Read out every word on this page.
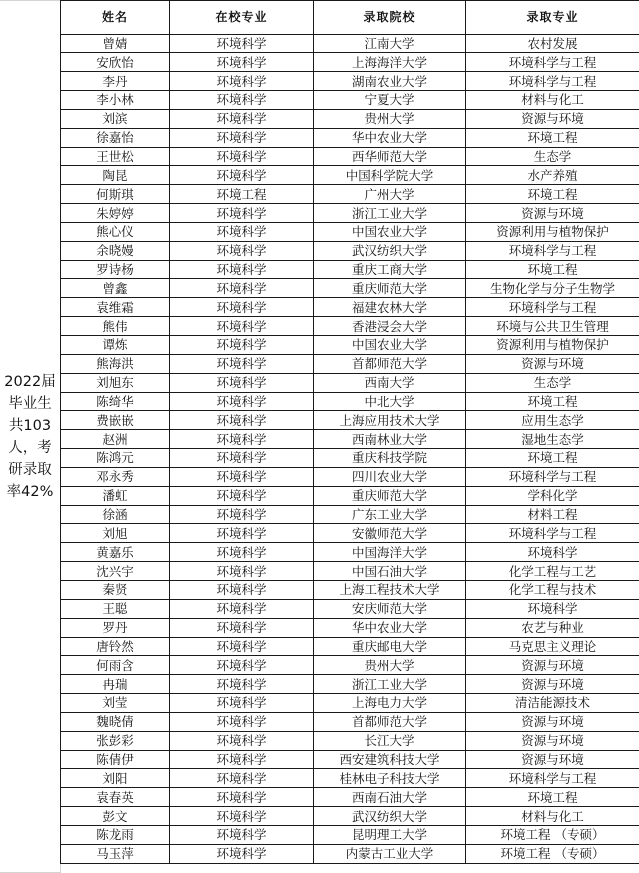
2022届毕业生共103人，考研录取率42%
姓名	在校专业	录取院校	录取专业
曾婧	环境科学	江南大学	农村发展
安欣怡	环境科学	上海海洋大学	环境科学与工程
李丹	环境科学	湖南农业大学	环境科学与工程
李小林	环境科学	宁夏大学	材料与化工
刘滨	环境科学	贵州大学	资源与环境
徐嘉怡	环境科学	华中农业大学	环境工程
王世松	环境科学	西华师范大学	生态学
陶昆	环境科学	中国科学院大学	水产养殖
何斯琪	环境工程	广州大学	环境工程
朱婷婷	环境科学	浙江工业大学	资源与环境
熊心仪	环境科学	中国农业大学	资源利用与植物保护
余晓嫚	环境科学	武汉纺织大学	环境科学与工程
罗诗杨	环境科学	重庆工商大学	环境工程
曾鑫	环境科学	重庆师范大学	生物化学与分子生物学
袁维霜	环境科学	福建农林大学	环境科学与工程
熊伟	环境科学	香港浸会大学	环境与公共卫生管理
谭炼	环境科学	中国农业大学	资源利用与植物保护
熊海洪	环境科学	首都师范大学	资源与环境
刘旭东	环境科学	西南大学	生态学
陈绮华	环境科学	中北大学	环境工程
费嵌嵌	环境科学	上海应用技术大学	应用生态学
赵洲	环境科学	西南林业大学	湿地生态学
陈鸿元	环境科学	重庆科技学院	环境工程
邓永秀	环境科学	四川农业大学	环境科学与工程
潘虹	环境科学	重庆师范大学	学科化学
徐涵	环境科学	广东工业大学	材料工程
刘旭	环境科学	安徽师范大学	环境科学与工程
黄嘉乐	环境科学	中国海洋大学	环境科学
沈兴宇	环境科学	中国石油大学	化学工程与工艺
秦贤	环境科学	上海工程技术大学	化学工程与技术
王聪	环境科学	安庆师范大学	环境科学
罗丹	环境科学	华中农业大学	农艺与种业
唐铃然	环境科学	重庆邮电大学	马克思主义理论
何雨含	环境科学	贵州大学	资源与环境
冉瑞	环境科学	浙江工业大学	资源与环境
刘莹	环境科学	上海电力大学	清洁能源技术
魏晓倩	环境科学	首都师范大学	资源与环境
张彭彩	环境科学	长江大学	资源与环境
陈倩伊	环境科学	西安建筑科技大学	资源与环境
刘阳	环境科学	桂林电子科技大学	环境科学与工程
袁春英	环境科学	西南石油大学	环境工程
彭文	环境科学	武汉纺织大学	材料与化工
陈龙雨	环境科学	昆明理工大学	环境工程 （专硕）
马玉萍	环境科学	内蒙古工业大学	环境工程 （专硕）
